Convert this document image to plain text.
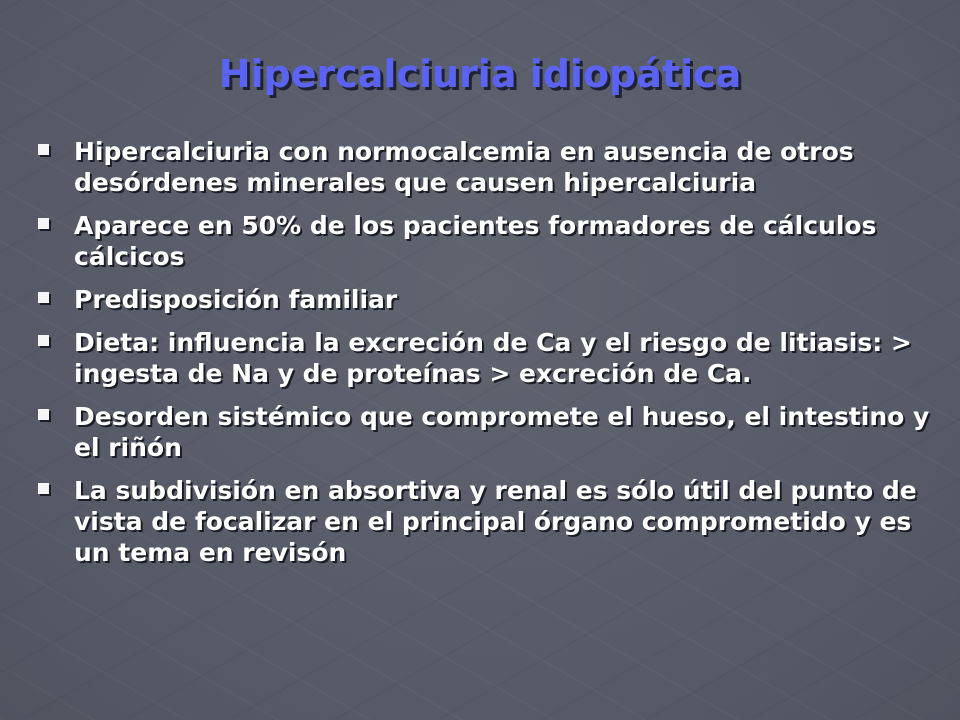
Hipercalciuria idiopática
Hipercalciuria con normocalcemia en ausencia de otros desórdenes minerales que causen hipercalciuria
Aparece en 50% de los pacientes formadores de cálculos cálcicos
Predisposición familiar
Dieta: influencia la excreción de Ca y el riesgo de litiasis: > ingesta de Na y de proteínas > excreción de Ca.
Desorden sistémico que compromete el hueso, el intestino y el riñón
La subdivisión en absortiva y renal es sólo útil del punto de vista de focalizar en el principal órgano comprometido y es un tema en revisón
